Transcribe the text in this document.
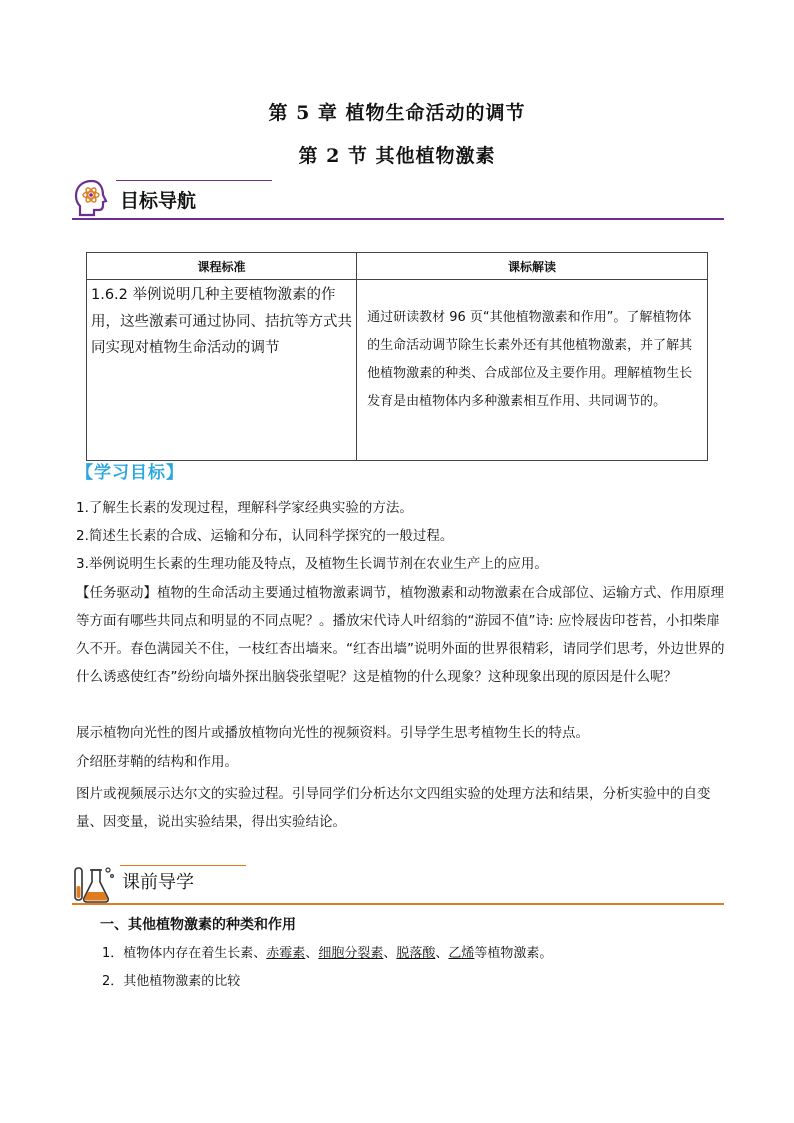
第 5 章 植物生命活动的调节
第 2 节 其他植物激素
目标导航
课程标准	课标解读
1.6.2 举例说明几种主要植物激素的作用，这些激素可通过协同、拮抗等方式共同实现对植物生命活动的调节	通过研读教材 96 页“其他植物激素和作用”。了解植物体的生命活动调节除生长素外还有其他植物激素，并了解其他植物激素的种类、合成部位及主要作用。理解植物生长发育是由植物体内多种激素相互作用、共同调节的。
【学习目标】
1.了解生长素的发现过程，理解科学家经典实验的方法。
2.简述生长素的合成、运输和分布，认同科学探究的一般过程。
3.举例说明生长素的生理功能及特点，及植物生长调节剂在农业生产上的应用。
【任务驱动】植物的生命活动主要通过植物激素调节，植物激素和动物激素在合成部位、运输方式、作用原理等方面有哪些共同点和明显的不同点呢？。播放宋代诗人叶绍翁的“游园不值”诗: 应怜屐齿印苍苔，小扣柴扉久不开。春色满园关不住，一枝红杏出墙来。“红杏出墙”说明外面的世界很精彩，请同学们思考，外边世界的什么诱惑使红杏”纷纷向墙外探出脑袋张望呢？这是植物的什么现象？这种现象出现的原因是什么呢？
展示植物向光性的图片或播放植物向光性的视频资料。引导学生思考植物生长的特点。
介绍胚芽鞘的结构和作用。
图片或视频展示达尔文的实验过程。引导同学们分析达尔文四组实验的处理方法和结果，分析实验中的自变量、因变量，说出实验结果，得出实验结论。
课前导学
一、其他植物激素的种类和作用
1．植物体内存在着生长素、赤霉素、细胞分裂素、脱落酸、乙烯等植物激素。
2．其他植物激素的比较
